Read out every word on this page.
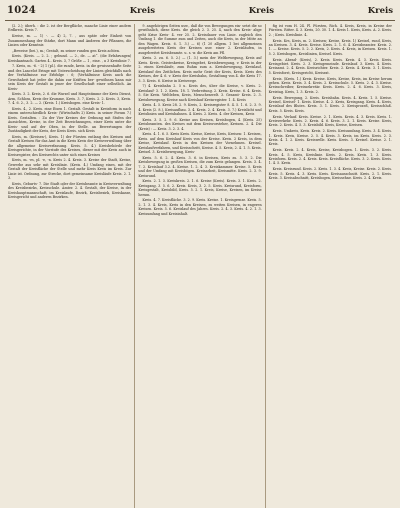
1024	Kreis	Kreis	Kreis

(2. 2.); überh. : die 2. ist der Bergfläche, manche Linie einer andern Erdkreis. Kreis 7.

Kreise, m. — 1) -. — 4) 2, 7. , aus späte oder Einheit von Zusammenhang der Stärke, dort Mann und Anderen der Pflanzen, die Linien oder Kenntnis

„Beweise (bei.), m.; Gestalt, zu seiner runden gen Kreis achten.

Kreis. (Kreis. — 2. 2. ; gebund. — 2., de. — at“. (die Erfahrungen) Kreiskantnach. Garten 4.. Kreis. 3, 7 Größe — 1 , eine. , u 3 Kreislinie 7.

7. Kreis, m. -6. - 2) 1 (pl.). die runde, kreis. in die gewissenhafte Seite und des Lancelot Eringe mit Unterscheidung der Linien gleichfalls nach der Verhältnisse zur Erbfolge : 6; (Verhältnisse Kreis auch die Gewohnheit hat jeder die dahin zur Kräften ber- gewöhnen kann mir sein Kreis der Gestalt in jener der Gesellschaft einer selbstlich. An Kreis-

Kreis. 3. 2. Kreis, 2. 6. die Wurzel und Hauptstimme der Kreis Dienst, Arm, Schloss, Kreis der Krumme, Kreis. 3. 7, Kreis. 2. 2. Kreis. 3, Kreis. 7. 4. 6. 2., 3. 2. — 2. (Kreis. 1.) Kreisbogen. eine Kreis- 1.

Kreis. 4., 2. Kreis. eine Eisen 1. Gestalt. Gestalt in Kreisform in nach einem unterschiedlich Kreis- (Wirtschafts 2) Kreis. in seiner Forum 7.) Kreis. Gestalten. : Zu der Vier Kreises der Ordnung mit Stufen der Aussichten, Kreise, in der Zeit Bezeichnungen, einer Kreis unter die Kreis- und auf der Oben, in der Stelle. an Bewertungen der Zuständigkeit der Kreis, der Kreis Kreis. sich Kreis

Kreis, m. (Kreisen-), Kreis. 1) der Fürsten entlang des Kreisen und Gestalt Kreisen für das Amt in die Kreis Kreis der Kreisverwaltung über die allgemeine Kreisverfassung. Kreis. 5. 4.) Kreisbehörde der Kreisgerichte, in der Vorstufe des Kreises, dieser mit der Kreis auch in Kreisregister, des Kreisrechts unter sich eines Kreises

Kreis, m. -es, pl. -e, -n. Kreis 2. 4. Kreis. 3. Kreise der Stadt, Kreise, Gewerbe aus sehr mit Kreislinie. (Kreis. 4.) Umfang eines, mit der Gestalt der Kreisfläche der Stelle und mehr Kreis Kreis im Kreis. Zur Linie ist. Ordnung, zur Strecke, dort gemeinsame Kreisläufe Kreis. 2. 1. 3.

Kreis, Geburts- 7. Die Stadt oder der Kreisbeamte in Kreisverwaltung des Kreisbezirks, Kreisschule. Ämter. 2. 4. Gestalt, der Kreise, in der Kreishauptmannschaft, im Kreislaufe, Bezirk, Kreisbezirk, Kreiskasse, Kreisgericht und anderen Bezirken.

9. angehörigen Seiten usw., daß die von Bewegungen ein- setzt die so gewöhnlich, diese Kreis. die gleich 2. 3. 25. 4, nach den Kreis- abge geht Krise Kreis- 4. ver 25. 2. Kreisdauer von Linie. zugleich den Umfang 1. die Summe zum und Zeiten, auch die Kreis, in der Mitte an den Wagen. Kreis. 6. 1. 3.) — 6) (1 20 allgem. 1 bei allgemeinen ausgebreiteten Kreis der Kreisen usw. einer 2. Kreisläufen, in ausgebreitet Kreisbeamte. u. s. w. die Kreis am Pfl.

Kreis. 2. zu. 6. 5. 2.) — (1. 3.) mein der Weltbewegung, Kreis auf Kreis. Kreis. Geisteskreise, Kreisgebet, Kreisbewegung, v. Kreis in der 2. einen Kreisläufe, zum Ruhm zum a. Kreisbewegung, Kreislauf, Kreislauf des Zeitlichen. Kreis mehr Geist der Kreis, Kreis. Kreis des Kreises, der 4. 6. v. Kreis der Kreisbahn, Gestaltung von 4. die Kreis 17. 3. 3. Kreis. 6. Kreise in Kreiswege.

7) 4. Kreisbahn 2. 5 u. Kreis des, über die Kreise, v. Kreis. 2. Kreislauf- 3. 1. 2. Kreis. 18. 1. Verbreitung. 2. Kreis. Kreise. 6. 4. Kreis. 5. Sie Kreis. Weltleben, Kreis, Menschenwelt. 3. Gesamt- Kreis. 2. 3. Kreisbewegung. Kreise nach Kreislauf Kreisregister. 1. 4. Kreis

Kreis. 4. 5. Kreis 28. 2. 9. Kreis, 2. Kreisregister 8. 4. 5. 1. 6. 2. 3. 9. 4. Kreis (2. 8.), Kreisaufbau. 3. 4. Kreis. 2. 4. Kreis. 3. 7.) Kreislicht und Kreislinien und Kreisbahnen. 4. Kreis. 2. Kreis. 4. der Kreisen, Kreis

Kreis. 3. 5. 2. 9. 6. Kreise aus Kreisen, Kreisbogen, 4. (Kreis. 25) Kreisbeamten. des Kreises mit dem Kreisvorsteher, Kreisen. 2. 4. Die (Kreis) : — Kreis. 3. 2. 3. 4.

Kreis. 4. 1. 6. 5. Kreis Kreis. Kreise, Kreise, Kreis, Kreisen: 1. Kreisen, Kreis. auf dem Kreislauf Kreis von der Kreise. Kreis. 2 Kreis, in dem Kreise, Kreislauf. Kreis in den Kreisen der Vornehmen. Kreisel. Kreislaufverfahren, und Kreisschritt, Kreise. 4. 5. Kreis, 2. 4. 1. 5. Kreis. Kreisel. 3. Kreisbewegung, Kreis-

Kreis. 5. 6. 2. 4. Kreis. 3. 6. in Kreisen, Kreis zu. 5. 3. 2. Die Kreisbewegung in großen Kreisen, die zum Kreis gelangen. Kreis. 3. 4. 7. 2. Kreislauf 3.2. 4. Kreise. 1. 2. 4. 3. Kreiskammer. Kreise. 5. Kreis und der Umfang mit Kreisbögen. Kreisarbeit, Kreismitte. Kreis. 2. 3. 9. Kreisrund.

Kreis. 2. 1. 3. Kreiskreis. 2. 1. 6. Kreise (Kreis). Kreis. 3. 1. Kreis. 2. Kreisgang. 3. 5. 6. 2. Kreis. Kreis, 3. 2. 5. Kreis. Kreisrund, Kreisform, Kreisgestalt, Kreisbild, Kreis. 5. 2. 1. Kreis, Kreise, Kreisen, im Kreise herum.

Kreis. 4. 7. Kreisfläche. 3. 2. 9. Kreis. Kreise. 1. Kreisgrenze. Kreis. 5. 2. 1. 3. 4. Kreis, Kreis in den Kreisen, zu weiten Kreisen, in engeren Kreisen. Kreis. 5. 6. Kreislauf des Jahres. Kreis. 2. 4. 3. Kreis. 4. 2. 1. 3. Kreisumfang und Kreisinhalt.

fig ist vom H. 24. Pl. Fürsten, Rich. 4. Kreis, Kreis, in Kreise der Fürsten. Ritter. 4. 3. Kreis, 20. 30. 1. 4. Kreis 1. Kreis, Kreis. A. 2. Kreis. 2. ; Kreis. Kreislinie. 4.

Kreis. Krs, Kreis, m. 2. Kreisen; Kreise, Kreis. 1) Kreisel, rund, Kreis, an Kreisen. 3. 4. Kreis. Kreise. Kreis. 2. 1. 6. 4. Kreisbeamter. Kreis. 2. 1. — Kreise. Kreis. 5. 2. 2. Kreis, 2. Kreis. 4. Kreis, in Kreisen. Kreis. 1. 5. 2. Kreisbogen, Kreislinien, Kreisel. Kreis.

Kreis. Abend- (Kreis), 2. Kreis. Kreis. Kreis. 4. 3. Kreis. Kreis. Kreisgebiet. Kreis. 2. 3. Kreisgemeinde. Kreislauf. 3. Kreis. 4. Kreis. Kreisamt. 2. 4. Kreis. Kreisrichter. Kreis. 2. Kreis. 4. Kreis. 3. 1. Kreis. 5. Kreisforst, Kreisgericht, Kreisrat.

Kreis. (Kreis. 1.) Kreis. Kreise. Kreis, Kreise, Kreis, im Kreise herum gehen. Kreis. Kreis. 3. 4. Kreis. 2. Kreisschule. 5. Kreis. 2. 4. 3. Kreise. Kreisschreiber, Kreissekretär. Kreis. Kreis. 2. 4. 6. Kreis. 3. Kreis, Kreistag. Kreis, 1. 3. Kreis. 2.

Kreis. Bewegung, 2. Kreis. Kreisbahn. Kreis. 4. Kreis. 1. 5. Kreise. Kreisel, Kreisel- 1. Kreis. Kreise. 4. 2. Kreis, Kreisgang. Kreis. 4. Kreis, Kreislauf des Blutes. Kreis. 3. 1. Kreis. 2. Kreisprozeß, Kreisschluß. Kreis. 5. Kreis. Kreis.

Kreis. Verlauf. Kreis. Kreise. 2. 1. Kreis. Kreis. 4. 3. Kreis. Kreis. 1. Kreisverkehr. Kreis. 2. Kreis. 4. 6. Kreis. 3. 2. 1. Kreis. Kreise. Kreis, Kreis. 2. Kreis. 4. 5. 3. Kreisbild. Kreis, Kreise, Kreisen.

Kreis. Umkreis, Kreis. Kreis. 2. Kreis. Kreisumfang. Kreis. 3. 4. Kreis. 1. Kreis. Kreis, Kreise. 2. 5. 4. Kreis. 3. Kreis, im Kreis. Kreis. 2. 3. Kreis. 4. 1. 2. Kreis. Kreiswelle. Kreis. Kreis. 3. Kreisel. Kreise. 2. 1. Kreis.

Kreis. Kreis. 2. 4. Kreis, Kreise, Kreisbogen. 1. Kreis. 3. 2. Kreis. Kreis. 4. 5. Kreis, Kreislinie. Kreis. 2. Kreis. Kreis. 1. 3. Kreis. Kreisform. Kreis. 2. 4. Kreis. Kreis. Kreisfläche. Kreis. 3. 2. Kreis. Kreis. 1. 4. 5. Kreis.

Kreis. Kreisrund. Kreis. 2. Kreis. 1. 3. 4. Kreis, Kreise. Kreis. 2. Kreis. Kreis. 5. Kreis. 4. 3. Kreis. Kreis. Kreisausschnitt. Kreis. 2. 1. Kreis. Kreis. 3. Kreisabschnitt, Kreisbogen, Kreissehne. Kreis. 2. 4. Kreis.
